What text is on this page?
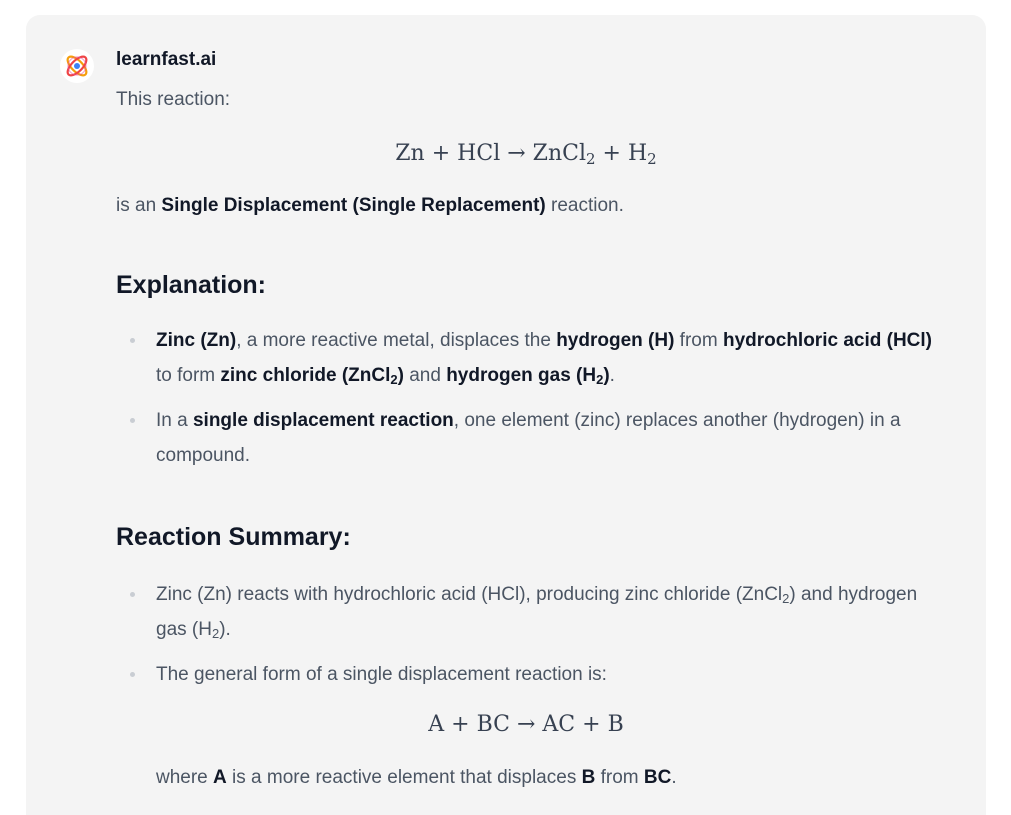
learnfast.ai
This reaction:
Zn + HCl → ZnCl$_2$ + $H_2$
is an Single Displacement (Single Replacement) reaction.
Explanation:
Zinc (Zn), a more reactive metal, displaces the hydrogen (H) from hydrochloric acid (HCl) to form zinc chloride (ZnCl$_2$) and hydrogen gas $(H_2)$.
In a single displacement reaction, one element (zinc) replaces another (hydrogen) in a compound.
Reaction Summary:
Zinc (Zn) reacts with hydrochloric acid (HCl), producing zinc chloride (ZnCl$_2$) and hydrogen gas $(H_2)$.
The general form of a single displacement reaction is:
A + BC → AC + B
where A is a more reactive element that displaces B from BC.
